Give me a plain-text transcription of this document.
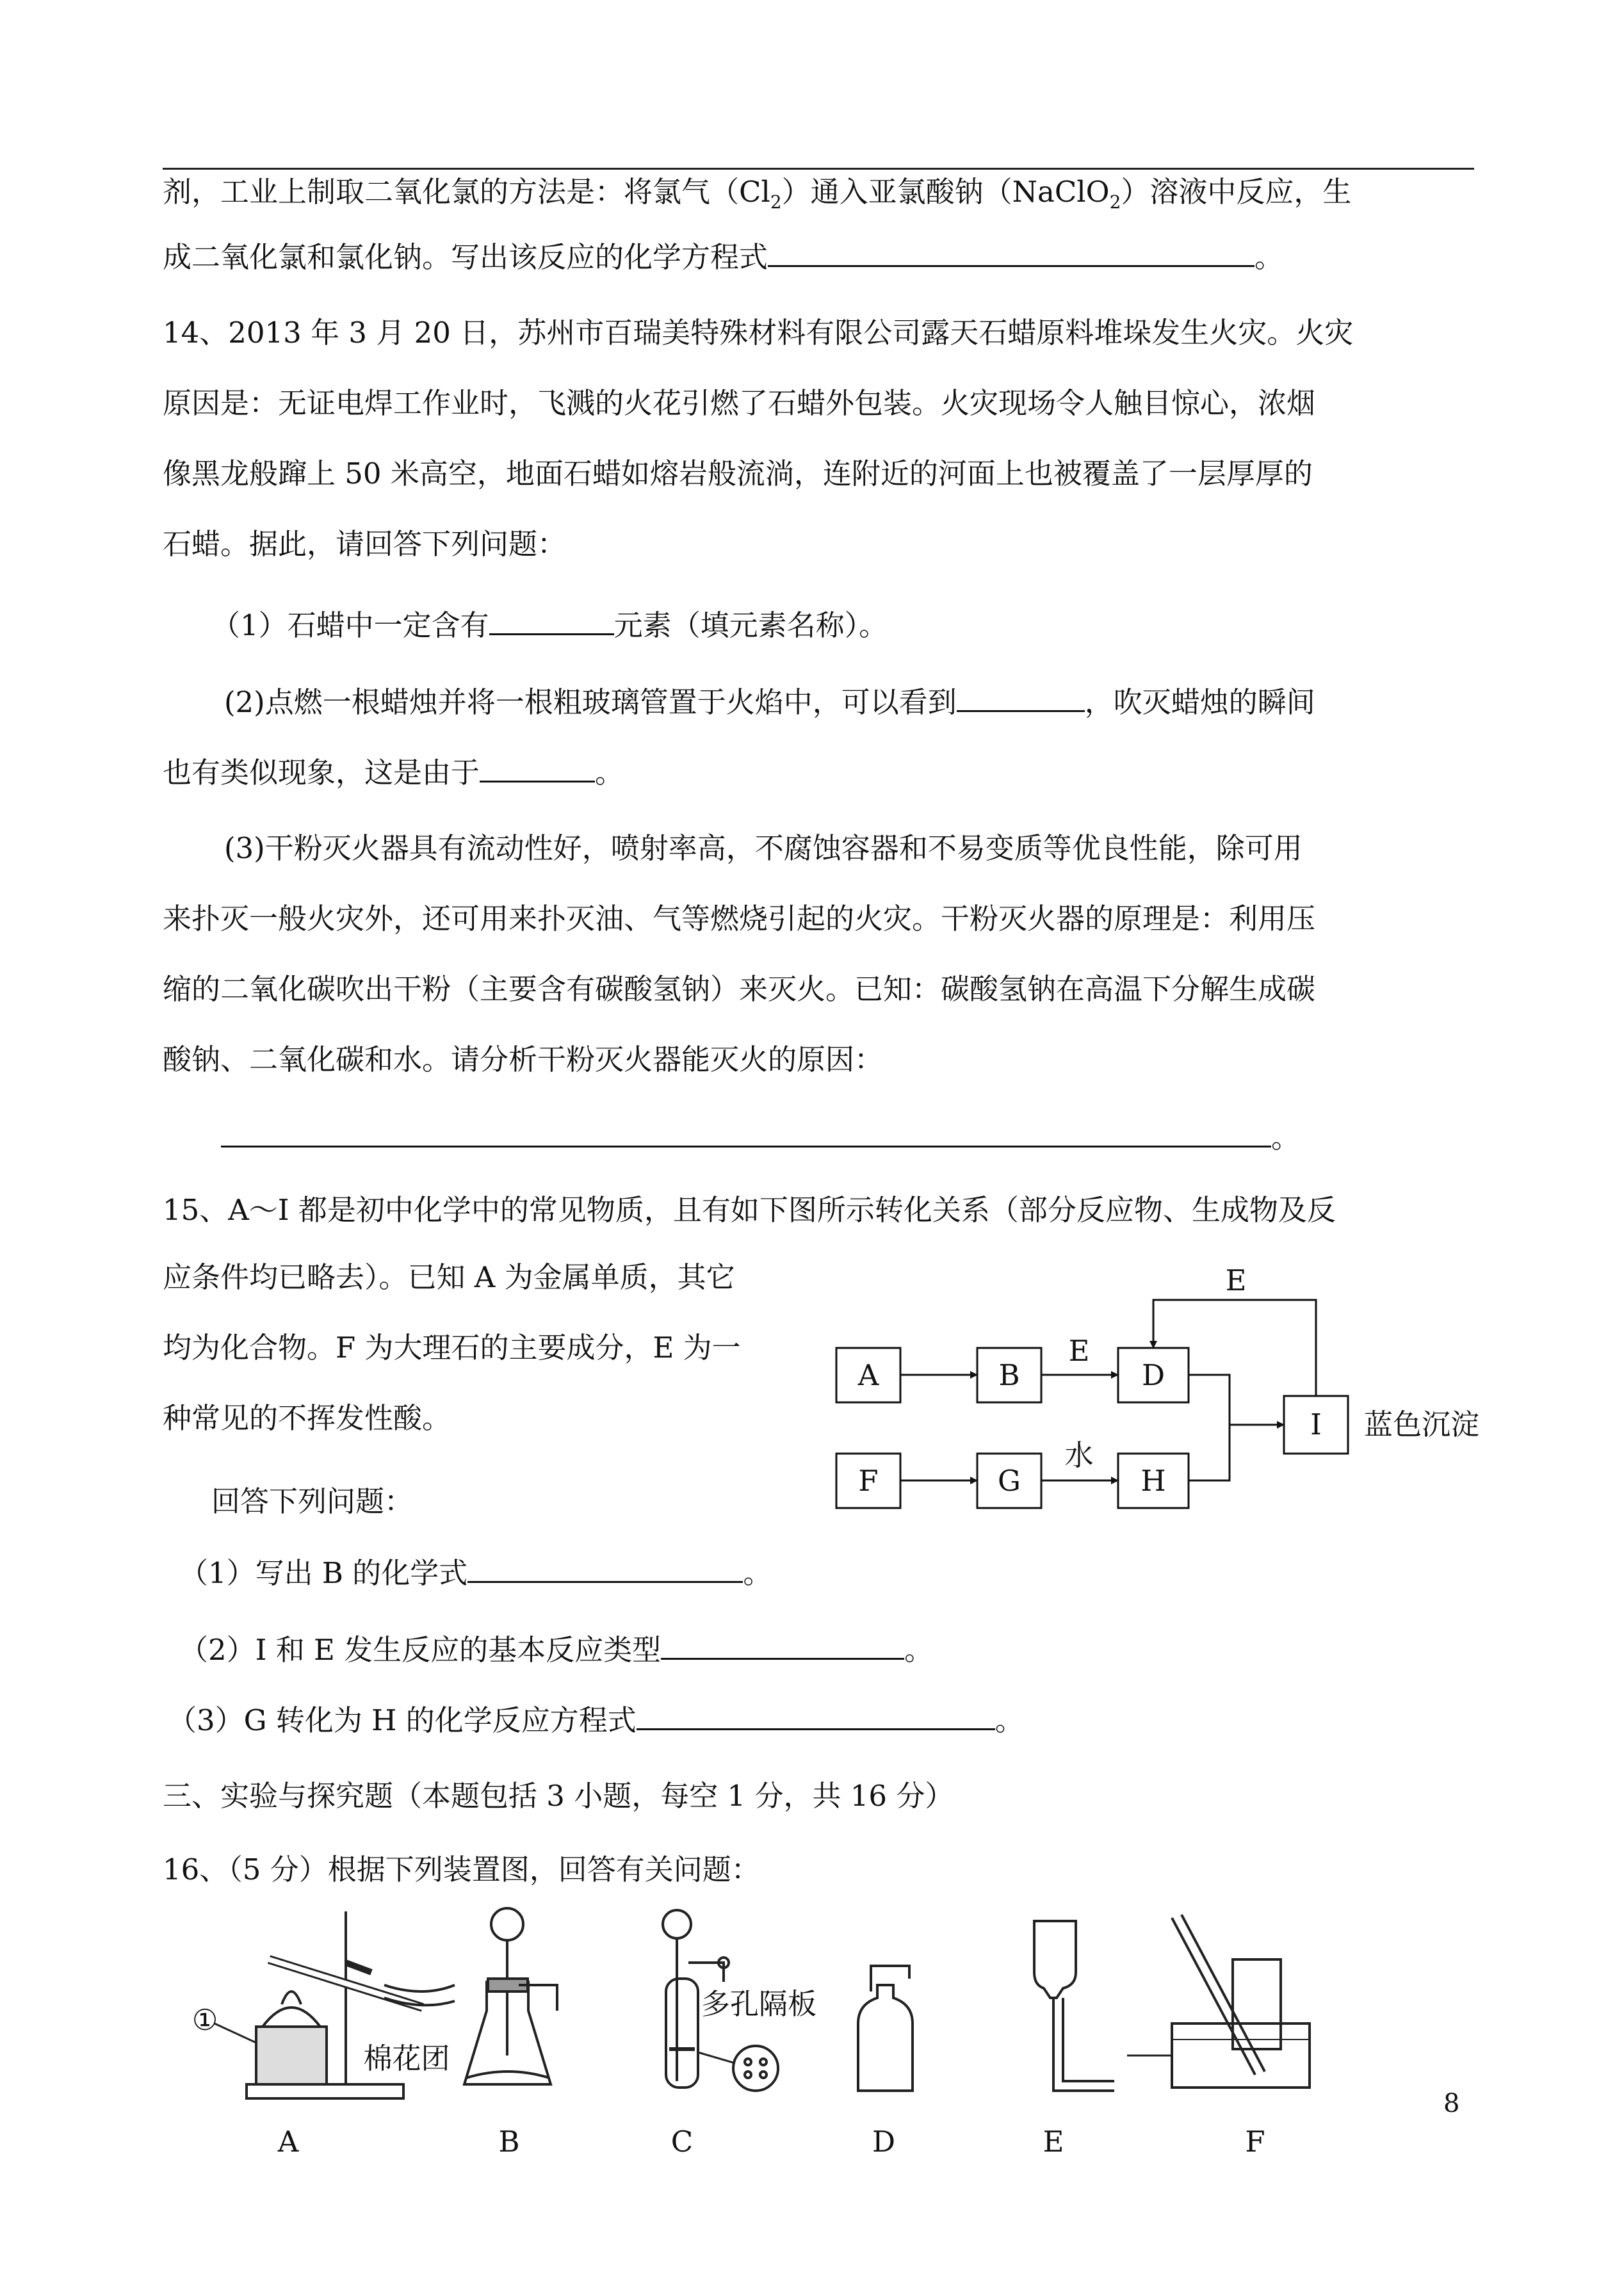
剂，工业上制取二氧化氯的方法是：将氯气$(Cl_2)$通入亚氯酸钠（NaClO$_2$）溶液中反应，生
成二氧化氯和氯化钠。写出该反应的化学方程式	。
14、2013 年 3 月 20 日，苏州市百瑞美特殊材料有限公司露天石蜡原料堆垛发生火灾。火灾
原因是：无证电焊工作业时，飞溅的火花引燃了石蜡外包装。火灾现场令人触目惊心，浓烟
像黑龙般蹿上 50 米高空，地面石蜡如熔岩般流淌，连附近的河面上也被覆盖了一层厚厚的
石蜡。据此，请回答下列问题：
（1）石蜡中一定含有	元素（填元素名称）。
(2)点燃一根蜡烛并将一根粗玻璃管置于火焰中，可以看到	，吹灭蜡烛的瞬间
也有类似现象，这是由于	。
(3)干粉灭火器具有流动性好，喷射率高，不腐蚀容器和不易变质等优良性能，除可用
来扑灭一般火灾外，还可用来扑灭油、气等燃烧引起的火灾。干粉灭火器的原理是：利用压
缩的二氧化碳吹出干粉（主要含有碳酸氢钠）来灭火。已知：碳酸氢钠在高温下分解生成碳
酸钠、二氧化碳和水。请分析干粉灭火器能灭火的原因：
。
15、A～I 都是初中化学中的常见物质，且有如下图所示转化关系（部分反应物、生成物及反
应条件均已略去）。已知 A 为金属单质，其它
均为化合物。F 为大理石的主要成分，E 为一
种常见的不挥发性酸。
回答下列问题：
（1）写出 B 的化学式	。
（2）I 和 E 发生反应的基本反应类型	。
（3）G 转化为 H 的化学反应方程式	。
A	B	D
F	G	H
I
E
E
水
蓝色沉淀
三、实验与探究题（本题包括 3 小题，每空 1 分，共 16 分）
16、（5 分）根据下列装置图，回答有关问题：
①
棉花团
多孔隔板
A	B	C	D	E	F
8
